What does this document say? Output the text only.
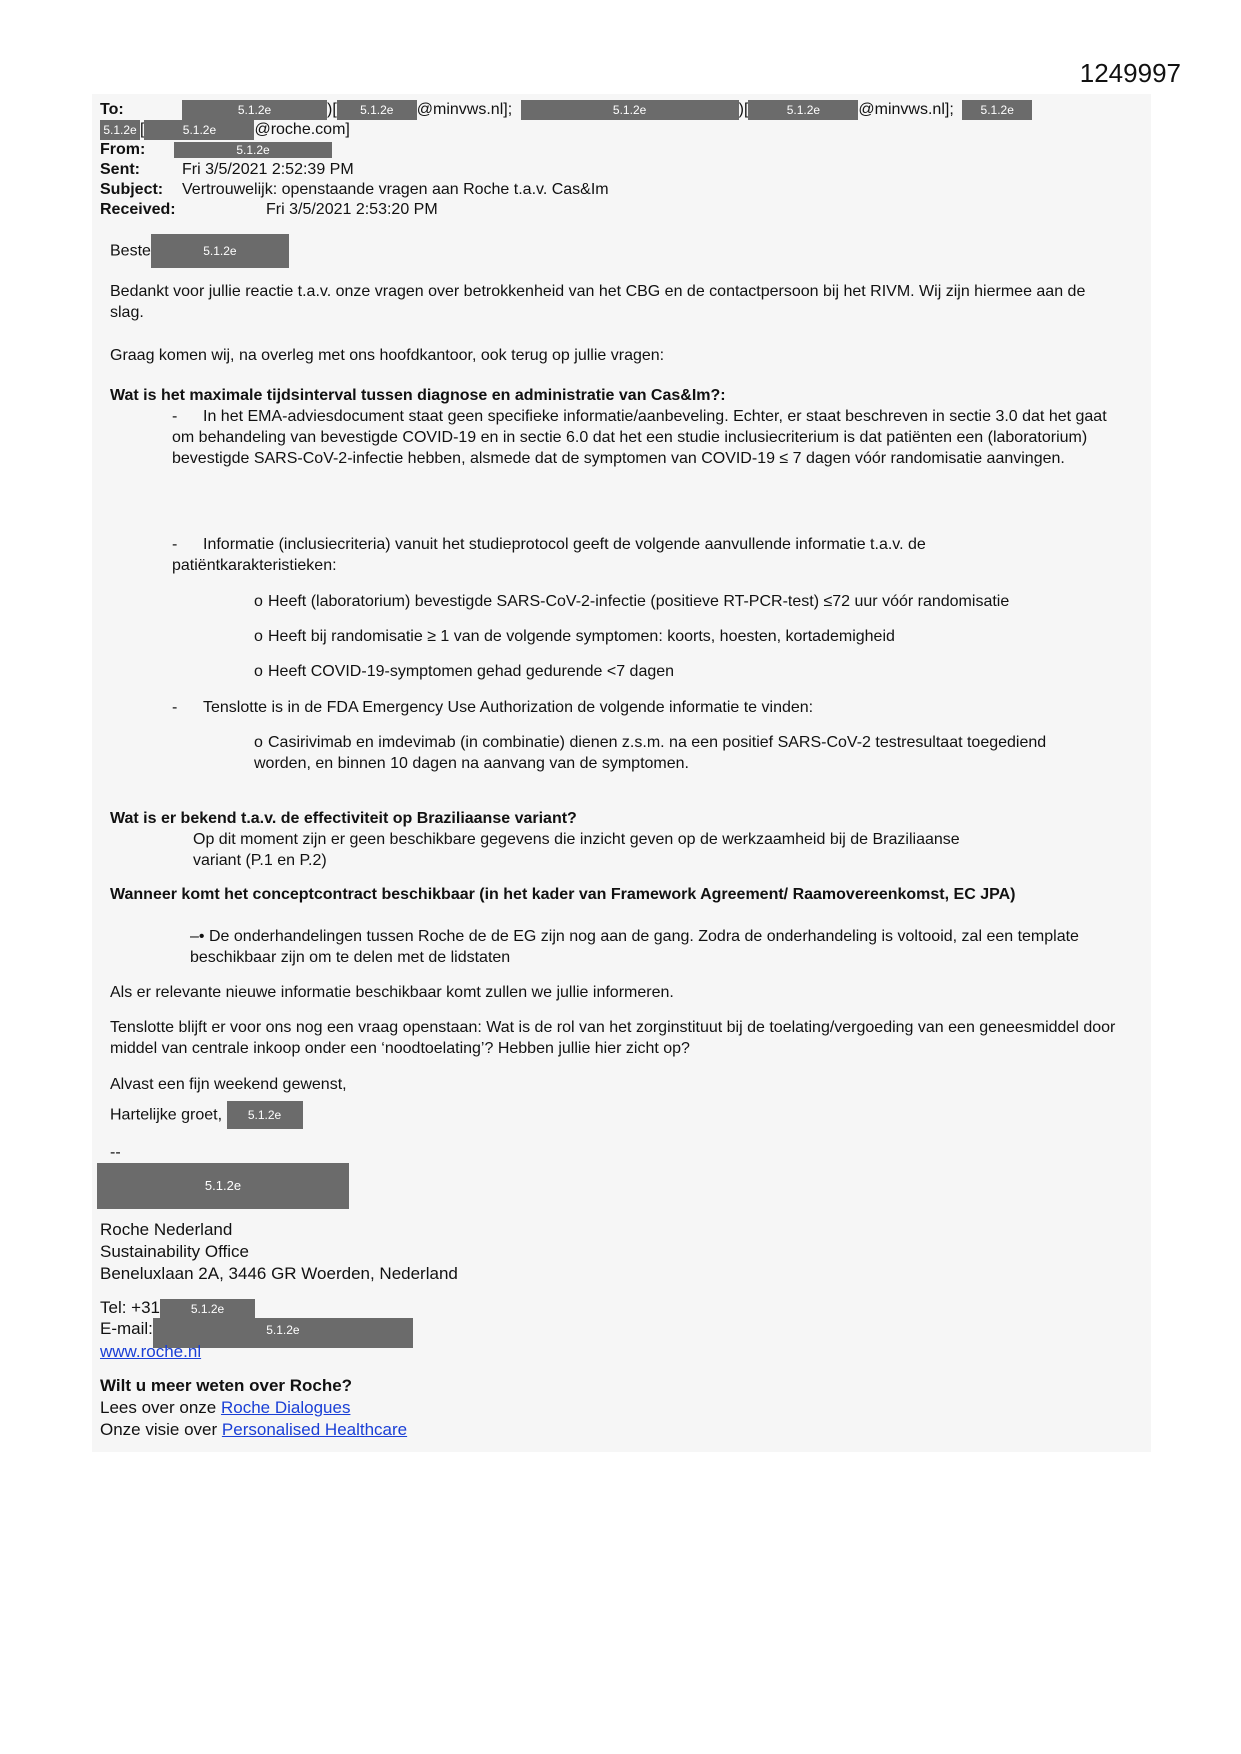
1249997
To:	5.1.2e	)[ 5.1.2e @minvws.nl];	5.1.2e	)[	5.1.2e @minvws.nl]; 5.1.2e
5.1.2e [	5.1.2e @roche.com]
From:	5.1.2e
Sent:	Fri 3/5/2021 2:52:39 PM
Subject: Vertrouwelijk: openstaande vragen aan Roche t.a.v. Cas&Im
Received:	Fri 3/5/2021 2:53:20 PM
Beste	5.1.2e
Bedankt voor jullie reactie t.a.v. onze vragen over betrokkenheid van het CBG en de contactpersoon bij het RIVM. Wij zijn hiermee aan de slag.
Graag komen wij, na overleg met ons hoofdkantoor, ook terug op jullie vragen:
Wat is het maximale tijdsinterval tussen diagnose en administratie van Cas&Im?:
-	In het EMA-adviesdocument staat geen specifieke informatie/aanbeveling. Echter, er staat beschreven in sectie 3.0 dat het gaat om behandeling van bevestigde COVID-19 en in sectie 6.0 dat het een studie inclusiecriterium is dat patiënten een (laboratorium) bevestigde SARS-CoV-2-infectie hebben, alsmede dat de symptomen van COVID-19 ≤ 7 dagen vóór randomisatie aanvingen.
-	Informatie (inclusiecriteria) vanuit het studieprotocol geeft de volgende aanvullende informatie t.a.v. de patiëntkarakteristieken:
o Heeft (laboratorium) bevestigde SARS-CoV-2-infectie (positieve RT-PCR-test) ≤72 uur vóór randomisatie
o Heeft bij randomisatie ≥ 1 van de volgende symptomen: koorts, hoesten, kortademigheid
o Heeft COVID-19-symptomen gehad gedurende <7 dagen
- Tenslotte is in de FDA Emergency Use Authorization de volgende informatie te vinden:
o Casirivimab en imdevimab (in combinatie) dienen z.s.m. na een positief SARS-CoV-2 testresultaat toegediend worden, en binnen 10 dagen na aanvang van de symptomen.
Wat is er bekend t.a.v. de effectiviteit op Braziliaanse variant?
Op dit moment zijn er geen beschikbare gegevens die inzicht geven op de werkzaamheid bij de Braziliaanse variant (P.1 en P.2)
Wanneer komt het conceptcontract beschikbaar (in het kader van Framework Agreement/ Raamovereenkomst, EC JPA)
–• De onderhandelingen tussen Roche de de EG zijn nog aan de gang. Zodra de onderhandeling is voltooid, zal een template beschikbaar zijn om te delen met de lidstaten
Als er relevante nieuwe informatie beschikbaar komt zullen we jullie informeren.
Tenslotte blijft er voor ons nog een vraag openstaan: Wat is de rol van het zorginstituut bij de toelating/vergoeding van een geneesmiddel door middel van centrale inkoop onder een ‘noodtoelating’? Hebben jullie hier zicht op?
Alvast een fijn weekend gewenst,
Hartelijke groet, 5.1.2e
--
5.1.2e
Roche Nederland
Sustainability Office
Beneluxlaan 2A, 3446 GR Woerden, Nederland
Tel: +31	5.1.2e
E-mail:	5.1.2e
www.roche.nl
Wilt u meer weten over Roche?
Lees over onze Roche Dialogues
Onze visie over Personalised Healthcare
